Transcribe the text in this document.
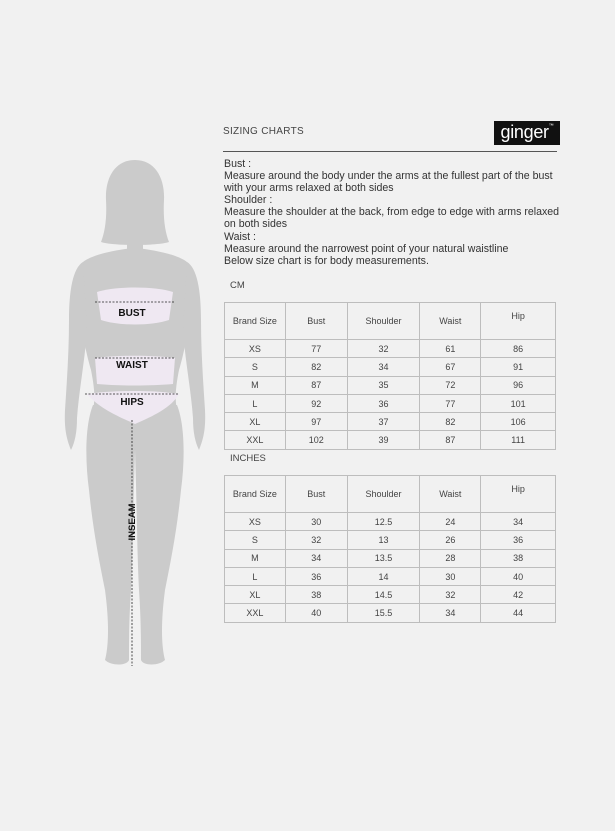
BUST
WAIST
HIPS
INSEAM
SIZING CHARTS	ginger™
Bust :
Measure around the body under the arms at the fullest part of the bust with your arms relaxed at both sides
Shoulder :
Measure the shoulder at the back, from edge to edge with arms relaxed on both sides
Waist :
Measure around the narrowest point of your natural waistline
Below size chart is for body measurements.
CM
Brand Size	Bust	Shoulder	Waist	Hip
XS	77	32	61	86
S	82	34	67	91
M	87	35	72	96
L	92	36	77	101
XL	97	37	82	106
XXL	102	39	87	111
INCHES
Brand Size	Bust	Shoulder	Waist	Hip
XS	30	12.5	24	34
S	32	13	26	36
M	34	13.5	28	38
L	36	14	30	40
XL	38	14.5	32	42
XXL	40	15.5	34	44
